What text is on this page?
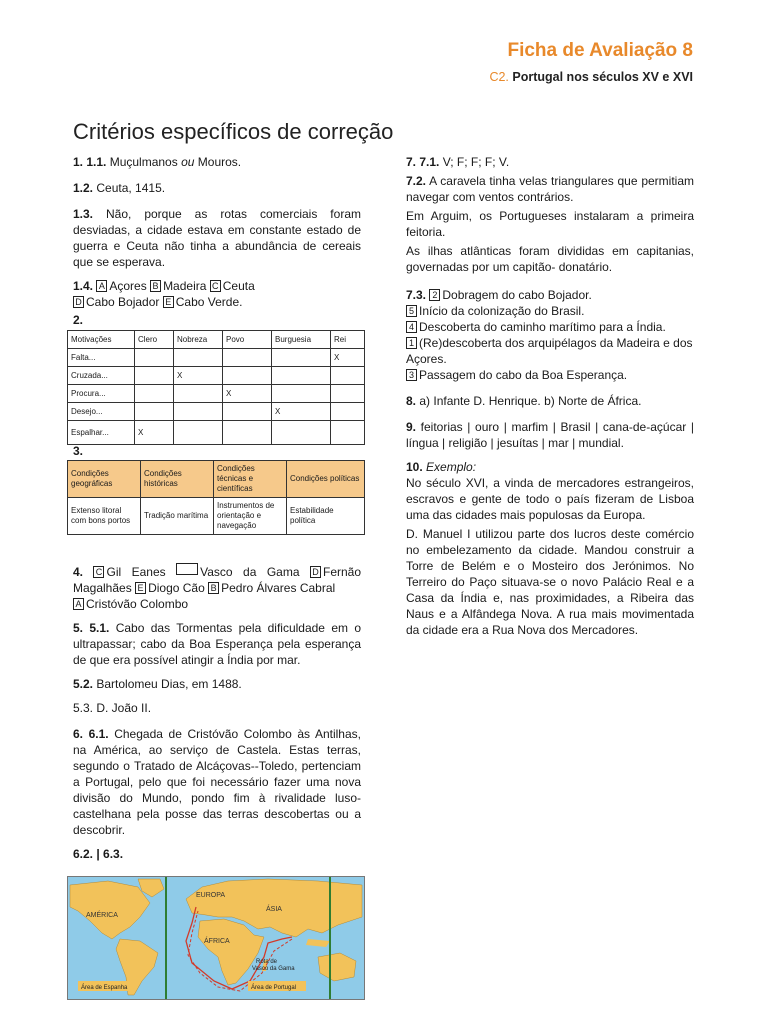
Ficha de Avaliação 8
C2. Portugal nos séculos XV e XVI
Critérios específicos de correção

1. 1.1. Muçulmanos ou Mouros.

1.2. Ceuta, 1415.

1.3. Não, porque as rotas comerciais foram desviadas, a cidade estava em constante estado de guerra e Ceuta não tinha a abundância de cereais que se esperava.

1.4. A Açores B Madeira C Ceuta
D Cabo Bojador E Cabo Verde.

2.
Motivações	Clero	Nobreza	Povo	Burguesia	Rei
Falta...					X
Cruzada...		X			
Procura...			X		
Desejo...				X	
Espalhar...	X				
3.
Condições geográficas	Condições históricas	Condições técnicas e científicas	Condições políticas
Extenso litoral com bons portos	Tradição marítima	Instrumentos de orientação e navegação	Estabilidade política

4. C Gil Eanes	Vasco da Gama D Fernão Magalhães E Diogo Cão B Pedro Álvares Cabral
A Cristóvão Colombo

5. 5.1. Cabo das Tormentas pela dificuldade em o ultrapassar; cabo da Boa Esperança pela esperança de que era possível atingir a Índia por mar.

5.2. Bartolomeu Dias, em 1488.

5.3. D. João II.

6. 6.1. Chegada de Cristóvão Colombo às Antilhas, na América, ao serviço de Castela. Estas terras, segundo o Tratado de Alcáçovas--Toledo, pertenciam a Portugal, pelo que foi necessário fazer uma nova divisão do Mundo, pondo fim à rivalidade luso-castelhana pela posse das terras descobertas ou a descobrir.

6.2. | 6.3.

AMÉRICA
EUROPA
ÁSIA
ÁFRICA
Rota de
Vasco da Gama
Área de Espanha	Área de Portugal

7. 7.1. V; F; F; F; V.

7.2. A caravela tinha velas triangulares que permitiam navegar com ventos contrários.

Em Arguim, os Portugueses instalaram a primeira feitoria.

As ilhas atlânticas foram divididas em capitanias, governadas por um capitão- donatário.

7.3. 2 Dobragem do cabo Bojador.
5 Início da colonização do Brasil.
4 Descoberta do caminho marítimo para a Índia.
1 (Re)descoberta dos arquipélagos da Madeira e dos Açores.
3 Passagem do cabo da Boa Esperança.

8. a) Infante D. Henrique. b) Norte de África.

9. feitorias | ouro | marfim | Brasil | cana-de-açúcar | língua | religião | jesuítas | mar | mundial.

10. Exemplo:
No século XVI, a vinda de mercadores estrangeiros, escravos e gente de todo o país fizeram de Lisboa uma das cidades mais populosas da Europa.

D. Manuel I utilizou parte dos lucros deste comércio no embelezamento da cidade. Mandou construir a Torre de Belém e o Mosteiro dos Jerónimos. No Terreiro do Paço situava-se o novo Palácio Real e a Casa da Índia e, nas proximidades, a Ribeira das Naus e a Alfândega Nova. A rua mais movimentada da cidade era a Rua Nova dos Mercadores.
